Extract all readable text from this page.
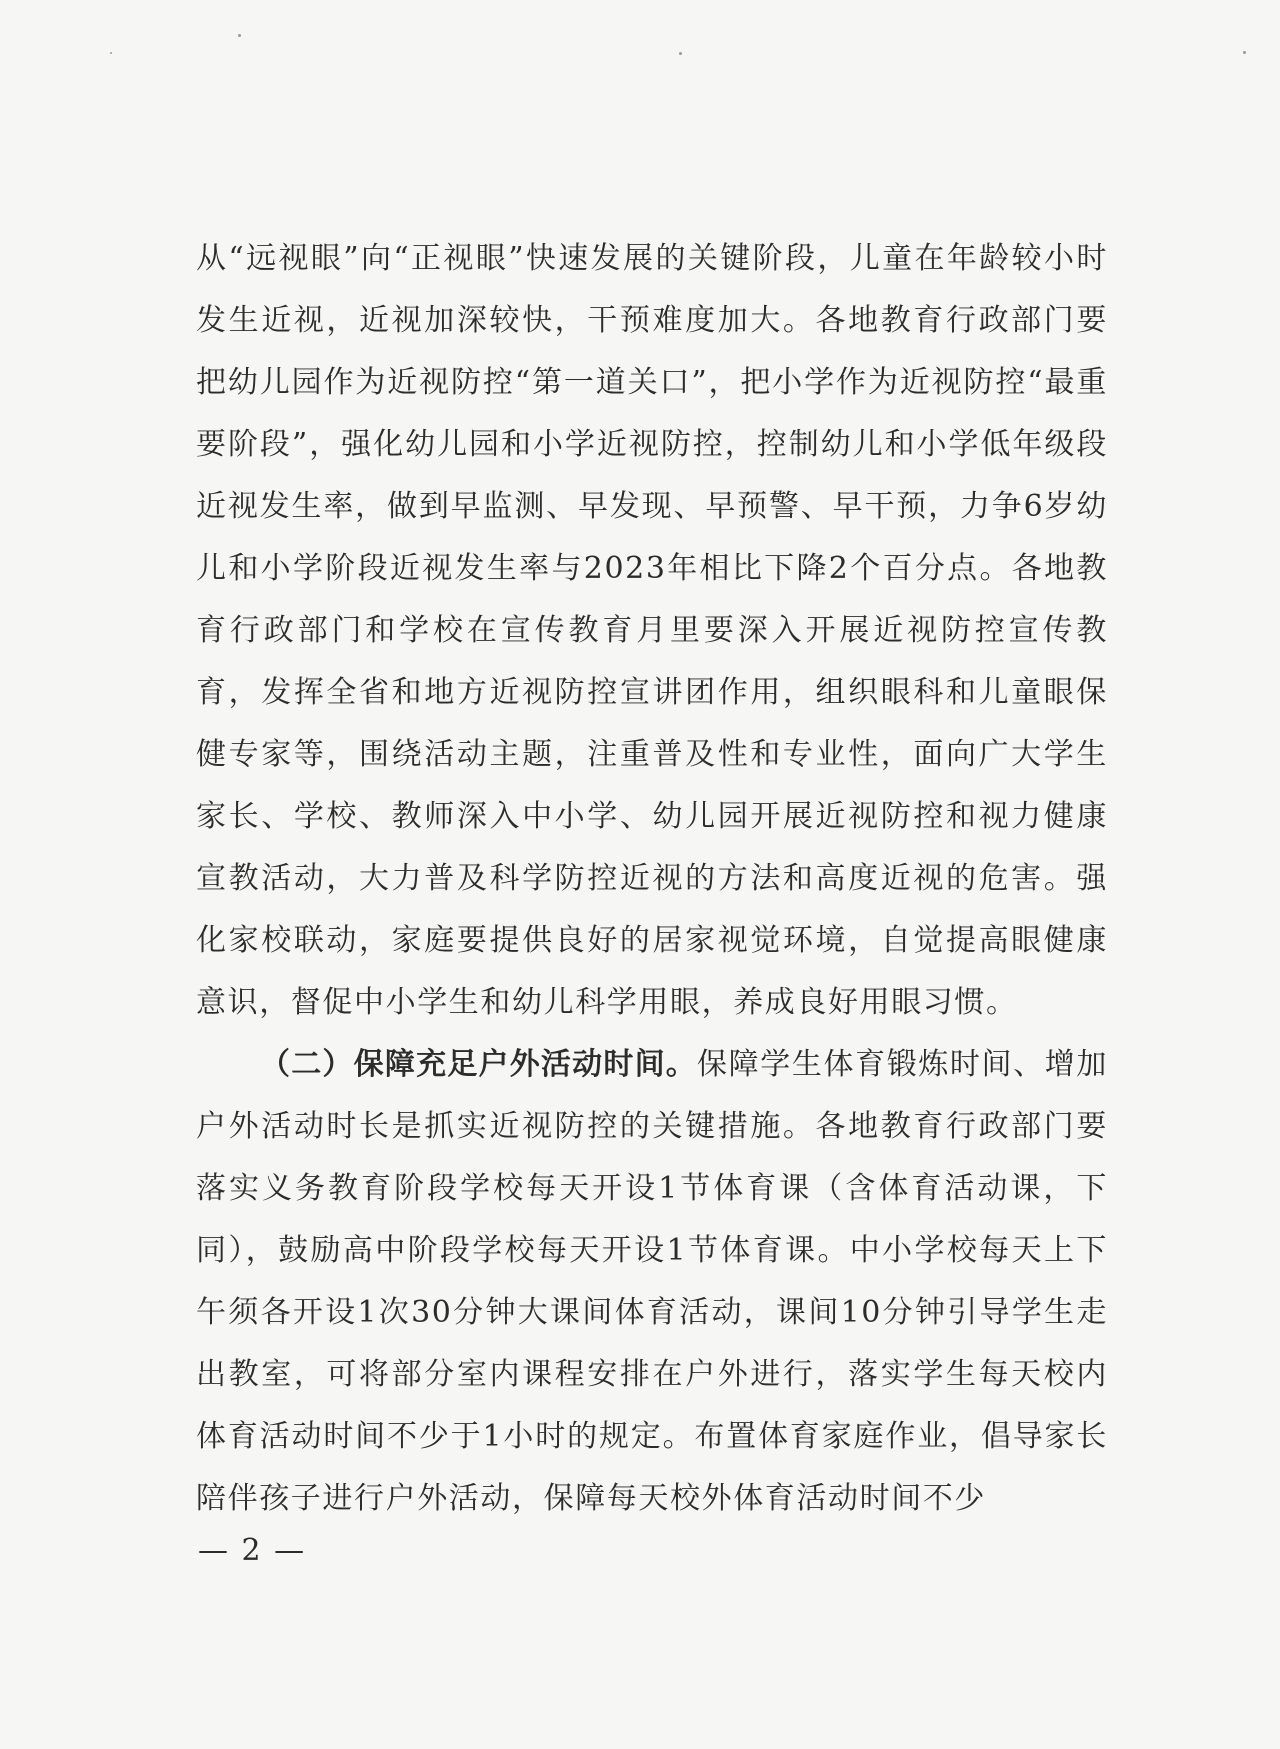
从“远视眼”向“正视眼”快速发展的关键阶段，儿童在年龄较小时发生近视，近视加深较快，干预难度加大。各地教育行政部门要把幼儿园作为近视防控“第一道关口”，把小学作为近视防控“最重要阶段”，强化幼儿园和小学近视防控，控制幼儿和小学低年级段近视发生率，做到早监测、早发现、早预警、早干预，力争6岁幼儿和小学阶段近视发生率与2023年相比下降2个百分点。各地教育行政部门和学校在宣传教育月里要深入开展近视防控宣传教育，发挥全省和地方近视防控宣讲团作用，组织眼科和儿童眼保健专家等，围绕活动主题，注重普及性和专业性，面向广大学生家长、学校、教师深入中小学、幼儿园开展近视防控和视力健康宣教活动，大力普及科学防控近视的方法和高度近视的危害。强化家校联动，家庭要提供良好的居家视觉环境，自觉提高眼健康意识，督促中小学生和幼儿科学用眼，养成良好用眼习惯。

（二）保障充足户外活动时间。保障学生体育锻炼时间、增加户外活动时长是抓实近视防控的关键措施。各地教育行政部门要落实义务教育阶段学校每天开设1节体育课（含体育活动课，下同），鼓励高中阶段学校每天开设1节体育课。中小学校每天上下午须各开设1次30分钟大课间体育活动，课间10分钟引导学生走出教室，可将部分室内课程安排在户外进行，落实学生每天校内体育活动时间不少于1小时的规定。布置体育家庭作业，倡导家长陪伴孩子进行户外活动，保障每天校外体育活动时间不少

— 2 —
